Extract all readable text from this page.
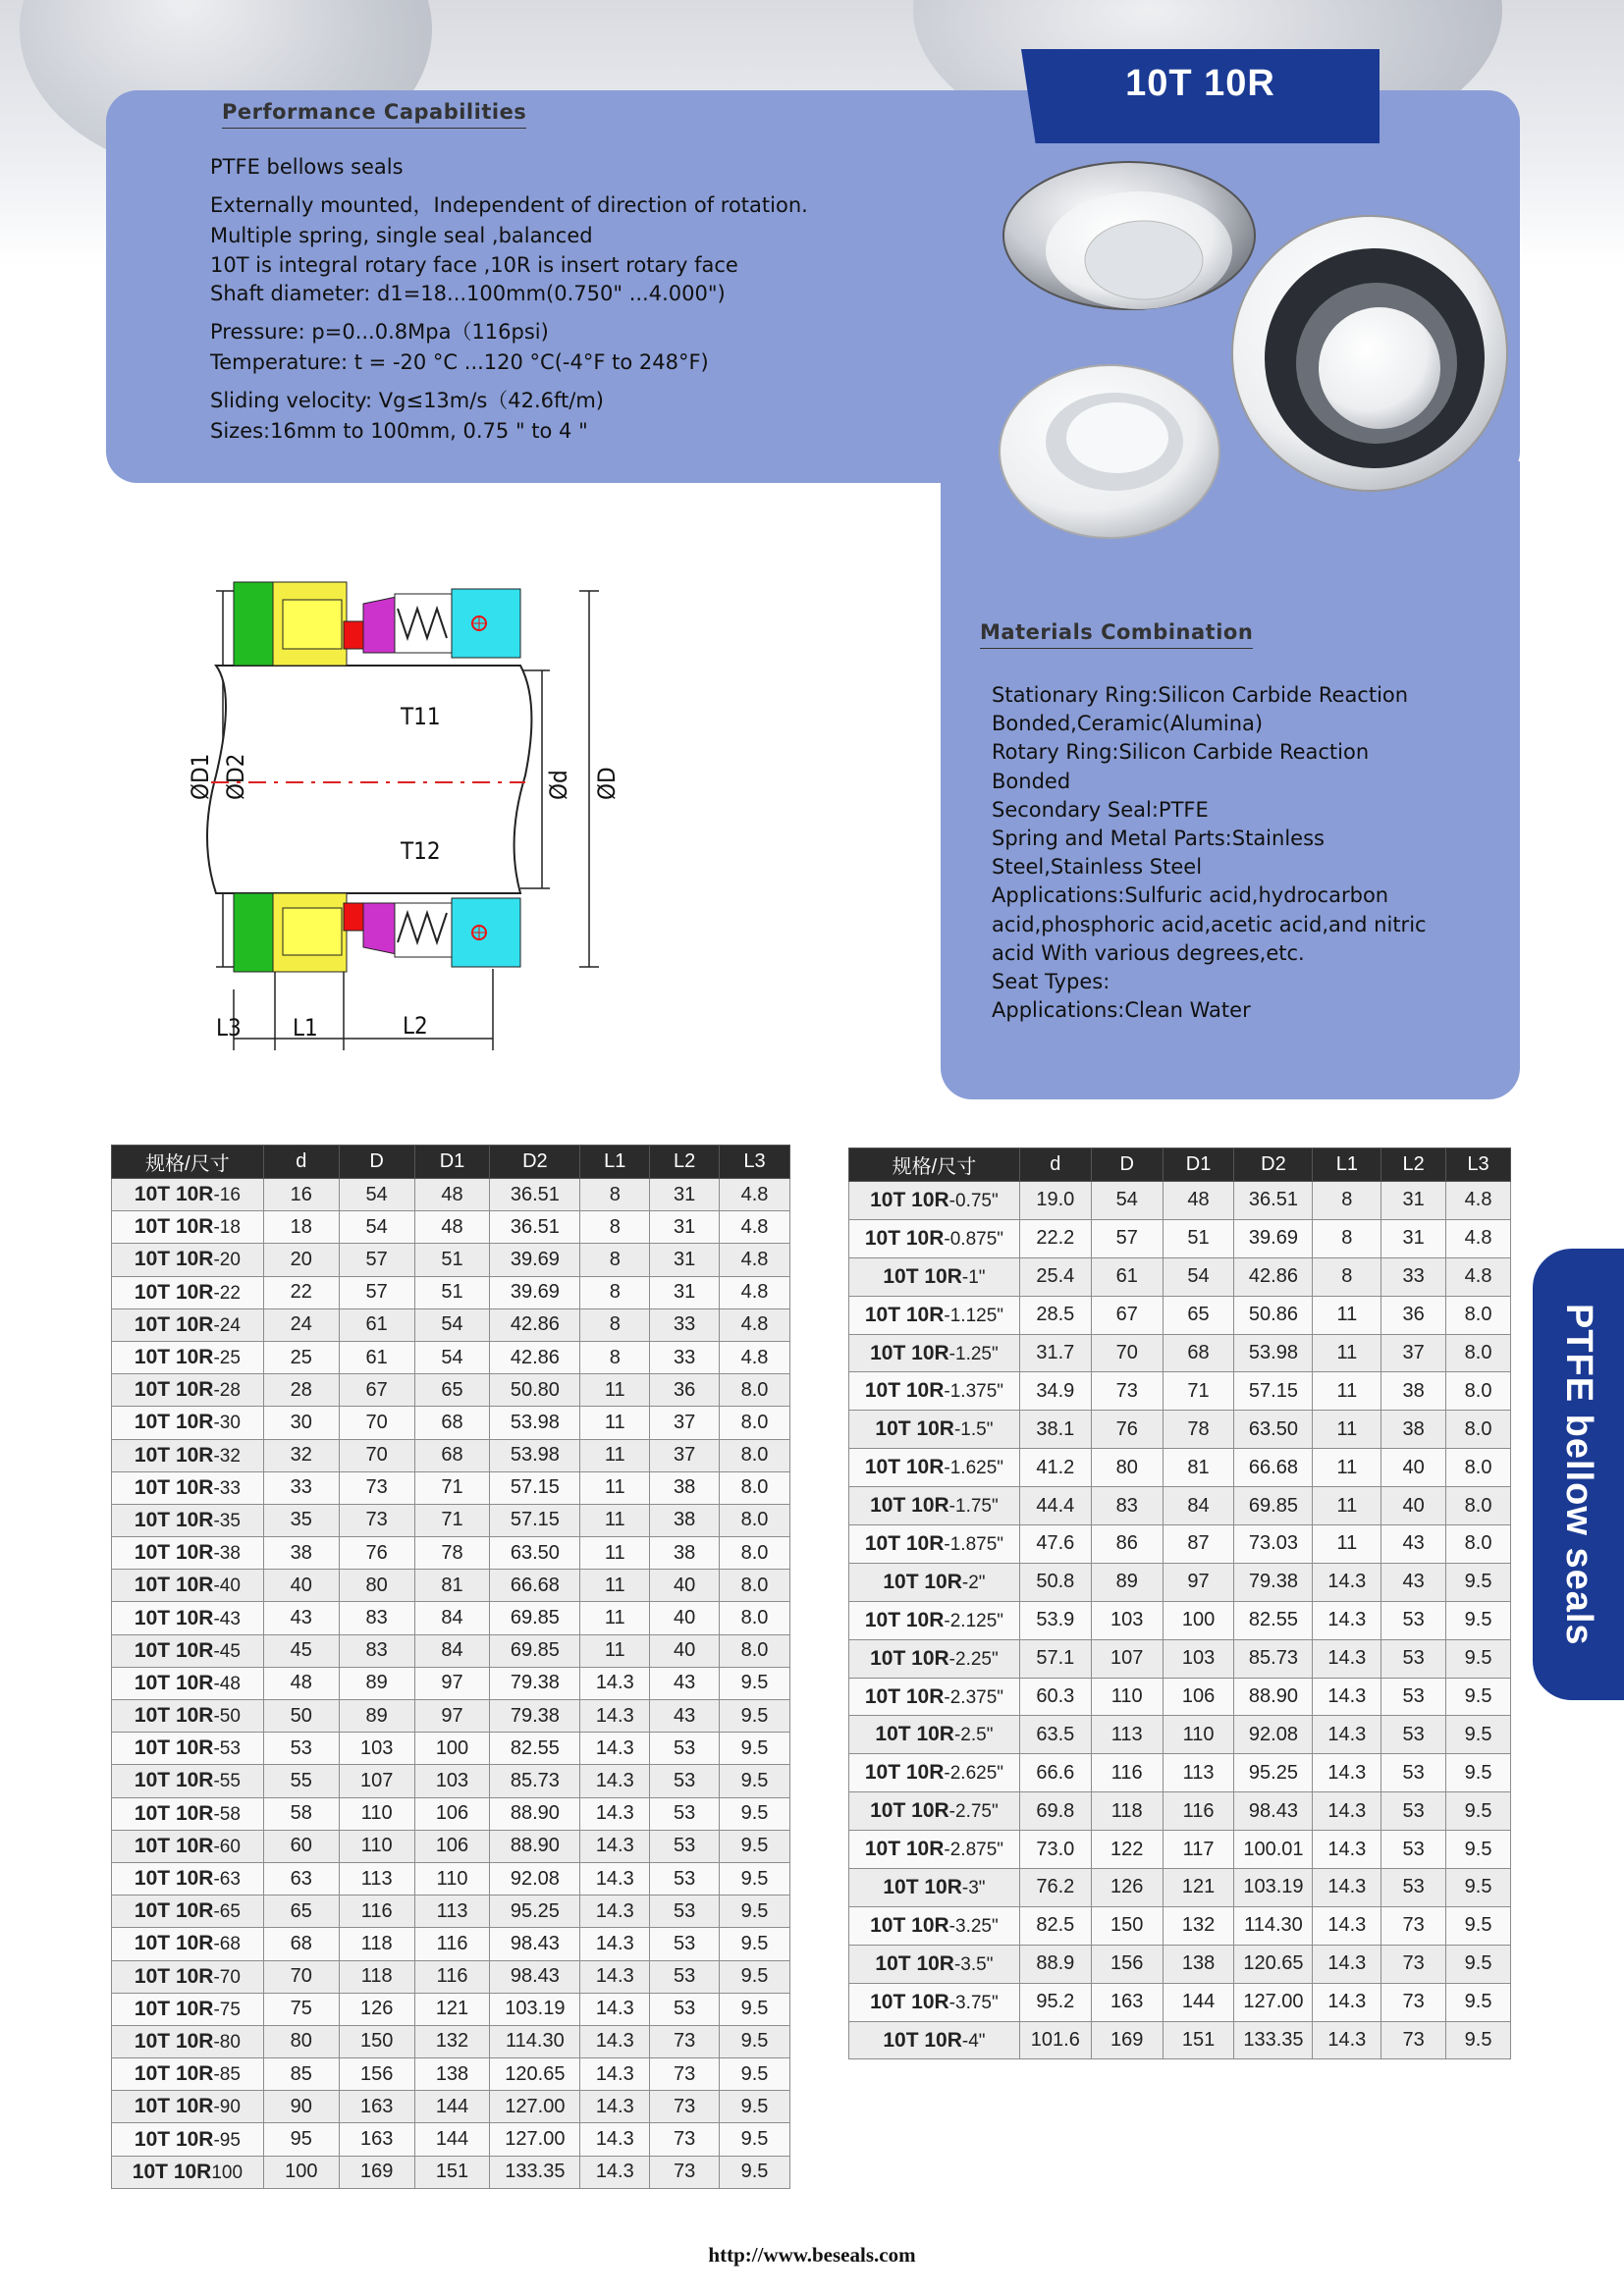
10T 10R
Performance Capabilities
PTFE bellows seals
Externally mounted，Independent of direction of rotation.
Multiple spring, single seal ,balanced
10T is integral rotary face ,10R is insert rotary face
Shaft diameter: d1=18...100mm(0.750" ...4.000")
Pressure: p=0...0.8Mpa（116psi)
Temperature: t = -20 °C ...120 °C(-4°F to 248°F)
Sliding velocity: Vg≤13m/s（42.6ft/m)
Sizes:16mm to 100mm, 0.75 " to 4 "
Materials Combination
Stationary Ring:Silicon Carbide Reaction
Bonded,Ceramic(Alumina)
Rotary Ring:Silicon Carbide Reaction
Bonded
Secondary Seal:PTFE
Spring and Metal Parts:Stainless
Steel,Stainless Steel
Applications:Sulfuric acid,hydrocarbon
acid,phosphoric acid,acetic acid,and nitric
acid With various degrees,etc.
Seat Types:
Applications:Clean Water
ØD1 ØD2	Ød ØD
T11
T12
L1	L2
L3
规格/尺寸	d	D	D1	D2	L1	L2	L3
10T 10R-16	16	54	48	36.51	8	31	4.8
10T 10R-18	18	54	48	36.51	8	31	4.8
10T 10R-20	20	57	51	39.69	8	31	4.8
10T 10R-22	22	57	51	39.69	8	31	4.8
10T 10R-24	24	61	54	42.86	8	33	4.8
10T 10R-25	25	61	54	42.86	8	33	4.8
10T 10R-28	28	67	65	50.80	11	36	8.0
10T 10R-30	30	70	68	53.98	11	37	8.0
10T 10R-32	32	70	68	53.98	11	37	8.0
10T 10R-33	33	73	71	57.15	11	38	8.0
10T 10R-35	35	73	71	57.15	11	38	8.0
10T 10R-38	38	76	78	63.50	11	38	8.0
10T 10R-40	40	80	81	66.68	11	40	8.0
10T 10R-43	43	83	84	69.85	11	40	8.0
10T 10R-45	45	83	84	69.85	11	40	8.0
10T 10R-48	48	89	97	79.38	14.3	43	9.5
10T 10R-50	50	89	97	79.38	14.3	43	9.5
10T 10R-53	53	103	100	82.55	14.3	53	9.5
10T 10R-55	55	107	103	85.73	14.3	53	9.5
10T 10R-58	58	110	106	88.90	14.3	53	9.5
10T 10R-60	60	110	106	88.90	14.3	53	9.5
10T 10R-63	63	113	110	92.08	14.3	53	9.5
10T 10R-65	65	116	113	95.25	14.3	53	9.5
10T 10R-68	68	118	116	98.43	14.3	53	9.5
10T 10R-70	70	118	116	98.43	14.3	53	9.5
10T 10R-75	75	126	121	103.19	14.3	53	9.5
10T 10R-80	80	150	132	114.30	14.3	73	9.5
10T 10R-85	85	156	138	120.65	14.3	73	9.5
10T 10R-90	90	163	144	127.00	14.3	73	9.5
10T 10R-95	95	163	144	127.00	14.3	73	9.5
10T 10R100	100	169	151	133.35	14.3	73	9.5
规格/尺寸	d	D	D1	D2	L1	L2	L3
10T 10R-0.75"	19.0	54	48	36.51	8	31	4.8
10T 10R-0.875"	22.2	57	51	39.69	8	31	4.8
10T 10R-1"	25.4	61	54	42.86	8	33	4.8
10T 10R-1.125"	28.5	67	65	50.86	11	36	8.0
10T 10R-1.25"	31.7	70	68	53.98	11	37	8.0
10T 10R-1.375"	34.9	73	71	57.15	11	38	8.0
10T 10R-1.5"	38.1	76	78	63.50	11	38	8.0
10T 10R-1.625"	41.2	80	81	66.68	11	40	8.0
10T 10R-1.75"	44.4	83	84	69.85	11	40	8.0
10T 10R-1.875"	47.6	86	87	73.03	11	43	8.0
10T 10R-2"	50.8	89	97	79.38	14.3	43	9.5
10T 10R-2.125"	53.9	103	100	82.55	14.3	53	9.5
10T 10R-2.25"	57.1	107	103	85.73	14.3	53	9.5
10T 10R-2.375"	60.3	110	106	88.90	14.3	53	9.5
10T 10R-2.5"	63.5	113	110	92.08	14.3	53	9.5
10T 10R-2.625"	66.6	116	113	95.25	14.3	53	9.5
10T 10R-2.75"	69.8	118	116	98.43	14.3	53	9.5
10T 10R-2.875"	73.0	122	117	100.01	14.3	53	9.5
10T 10R-3"	76.2	126	121	103.19	14.3	53	9.5
10T 10R-3.25"	82.5	150	132	114.30	14.3	73	9.5
10T 10R-3.5"	88.9	156	138	120.65	14.3	73	9.5
10T 10R-3.75"	95.2	163	144	127.00	14.3	73	9.5
10T 10R-4"	101.6	169	151	133.35	14.3	73	9.5
PTFE bellow seals
http://www.beseals.com
